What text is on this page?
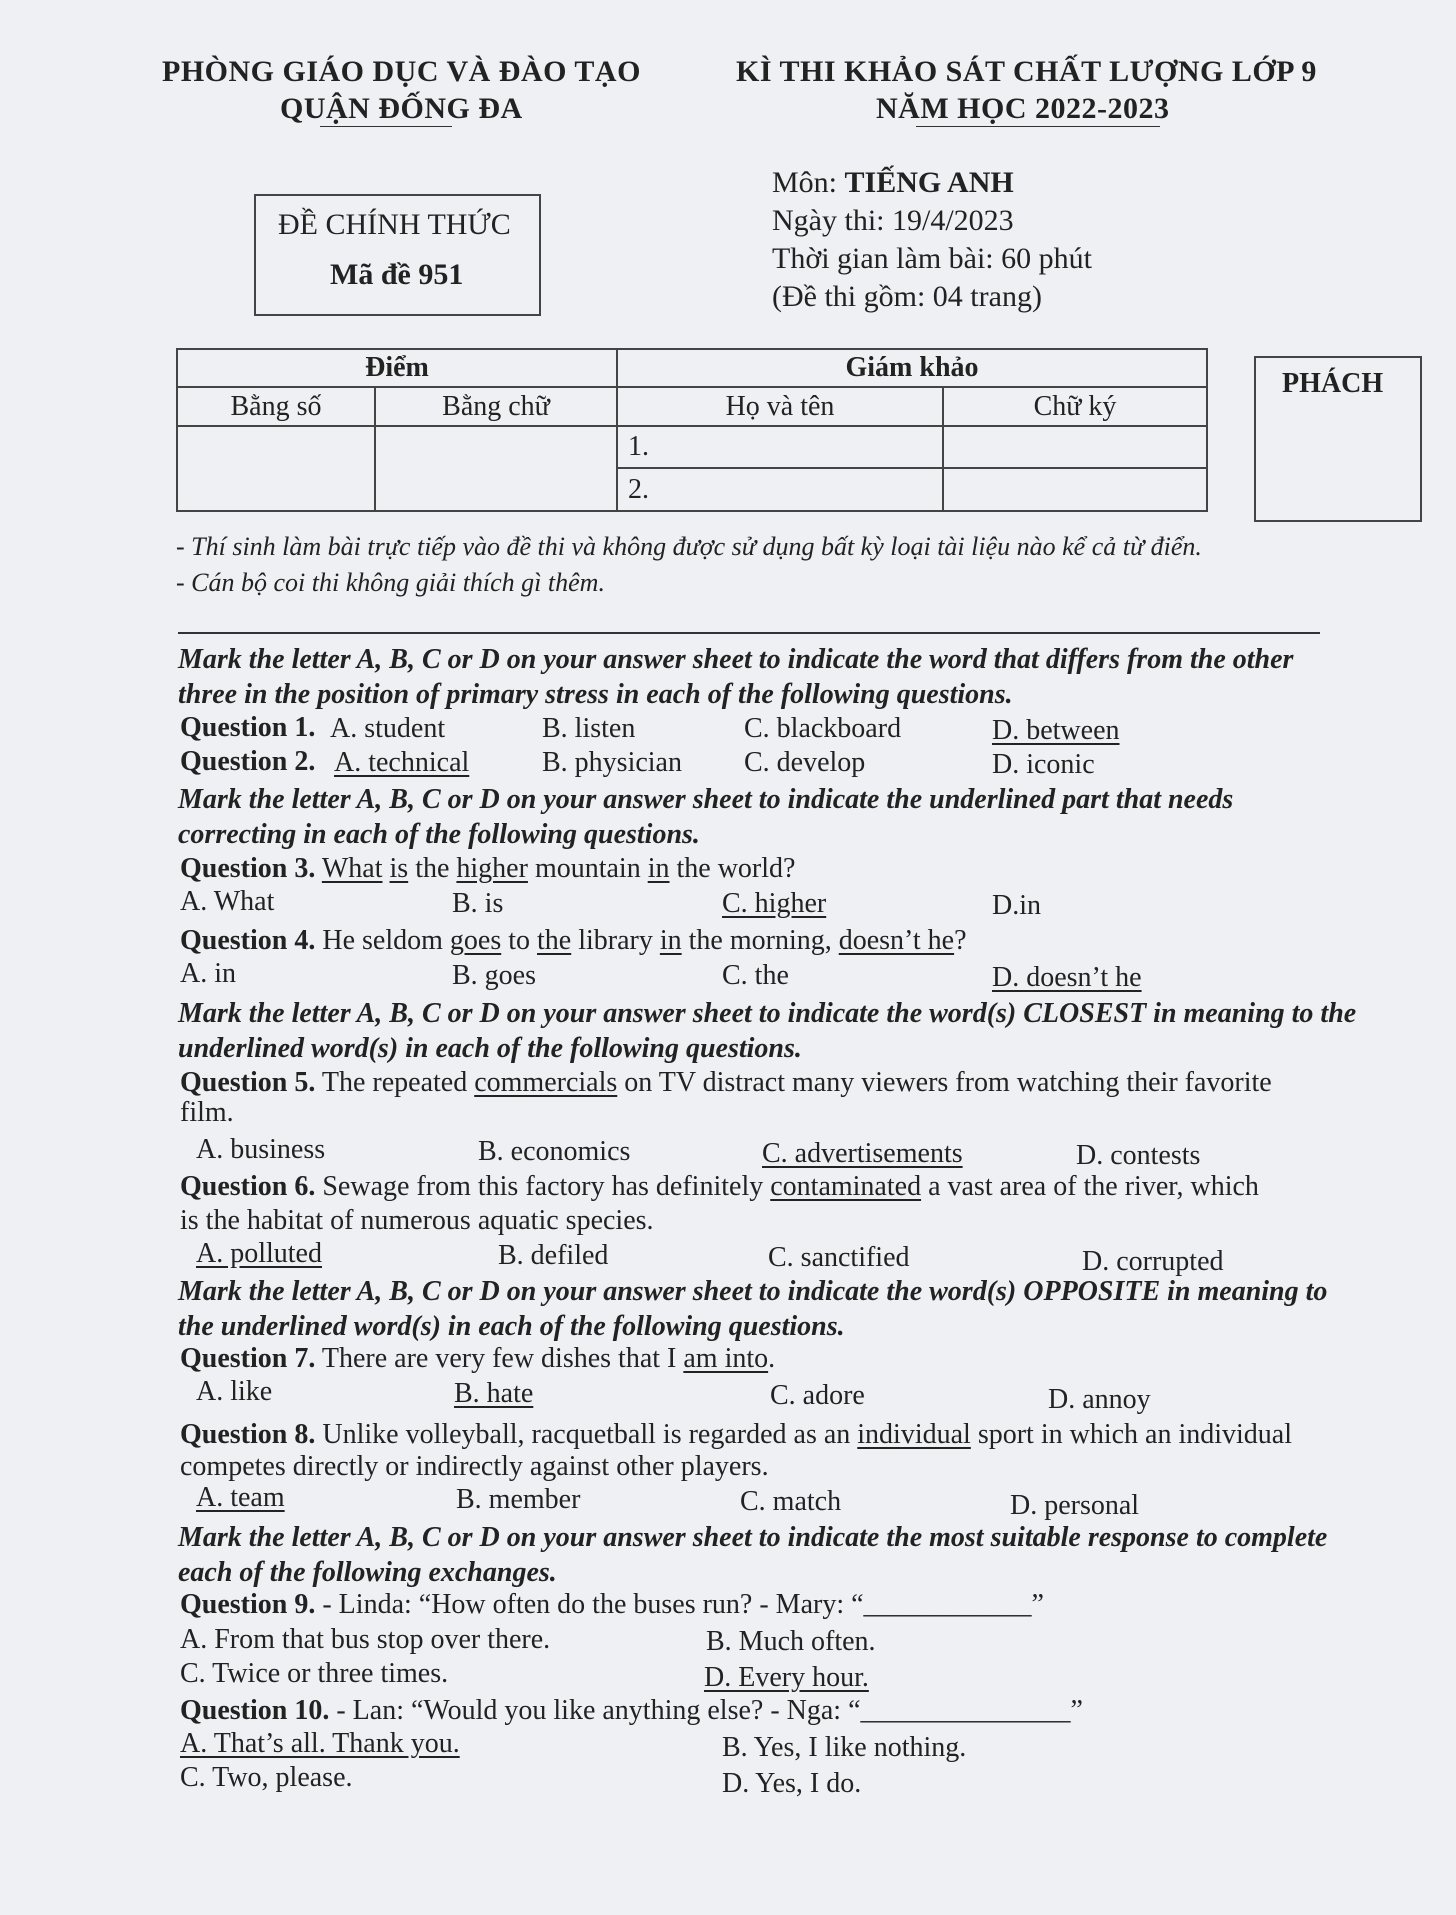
PHÒNG GIÁO DỤC VÀ ĐÀO TẠO
QUẬN ĐỐNG ĐA
KÌ THI KHẢO SÁT CHẤT LƯỢNG LỚP 9
NĂM HỌC 2022-2023
ĐỀ CHÍNH THỨC
Mã đề 951
Môn: TIẾNG ANH
Ngày thi: 19/4/2023
Thời gian làm bài: 60 phút
(Đề thi gồm: 04 trang)
Điểm		Giám khảo	
Bằng số	Bằng chữ	Họ và tên	Chữ ký
		1.	
		2.	
PHÁCH
- Thí sinh làm bài trực tiếp vào đề thi và không được sử dụng bất kỳ loại tài liệu nào kể cả từ điển.
- Cán bộ coi thi không giải thích gì thêm.
Mark the letter A, B, C or D on your answer sheet to indicate the word that differs from the other three in the position of primary stress in each of the following questions.
Question 1. A. student	B. listen	C. blackboard	D. between
Question 2. A. technical	B. physician C. develop	D. iconic
Mark the letter A, B, C or D on your answer sheet to indicate the underlined part that needs correcting in each of the following questions.
Question 3. What is the higher mountain in the world?
A. What	B. is	C. higher	D.in
Question 4. He seldom goes to the library in the morning, doesn’t he?
A. in	B. goes	C. the	D. doesn’t he
Mark the letter A, B, C or D on your answer sheet to indicate the word(s) CLOSEST in meaning to the underlined word(s) in each of the following questions.
Question 5. The repeated commercials on TV distract many viewers from watching their favorite
film.
A. business	B. economics	C. advertisements	D. contests
Question 6. Sewage from this factory has definitely contaminated a vast area of the river, which
is the habitat of numerous aquatic species.
A. polluted	B. defiled	C. sanctified	D. corrupted
Mark the letter A, B, C or D on your answer sheet to indicate the word(s) OPPOSITE in meaning to the underlined word(s) in each of the following questions.
Question 7. There are very few dishes that I am into.
A. like	B. hate	C. adore	D. annoy
Question 8. Unlike volleyball, racquetball is regarded as an individual sport in which an individual
competes directly or indirectly against other players.
A. team	B. member	C. match	D. personal
Mark the letter A, B, C or D on your answer sheet to indicate the most suitable response to complete each of the following exchanges.
Question 9. - Linda: “How often do the buses run? - Mary: “____________”
A. From that bus stop over there.	B. Much often.
C. Twice or three times.	D. Every hour.
Question 10. - Lan: “Would you like anything else? - Nga: “_______________”
A. That’s all. Thank you.	B. Yes, I like nothing.
C. Two, please.	D. Yes, I do.
